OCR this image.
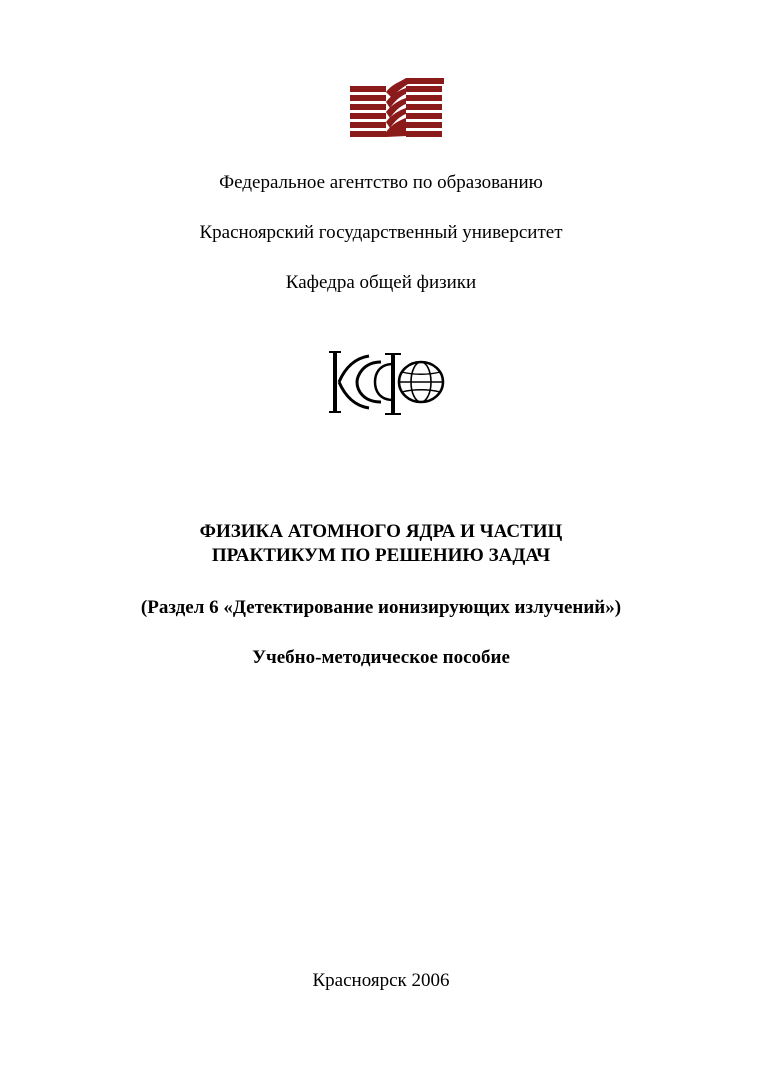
Федеральное агентство по образованию
Красноярский государственный университет
Кафедра общей физики
ФИЗИКА АТОМНОГО ЯДРА И ЧАСТИЦ
ПРАКТИКУМ ПО РЕШЕНИЮ ЗАДАЧ
(Раздел 6 «Детектирование ионизирующих излучений»)
Учебно-методическое пособие
Красноярск 2006
